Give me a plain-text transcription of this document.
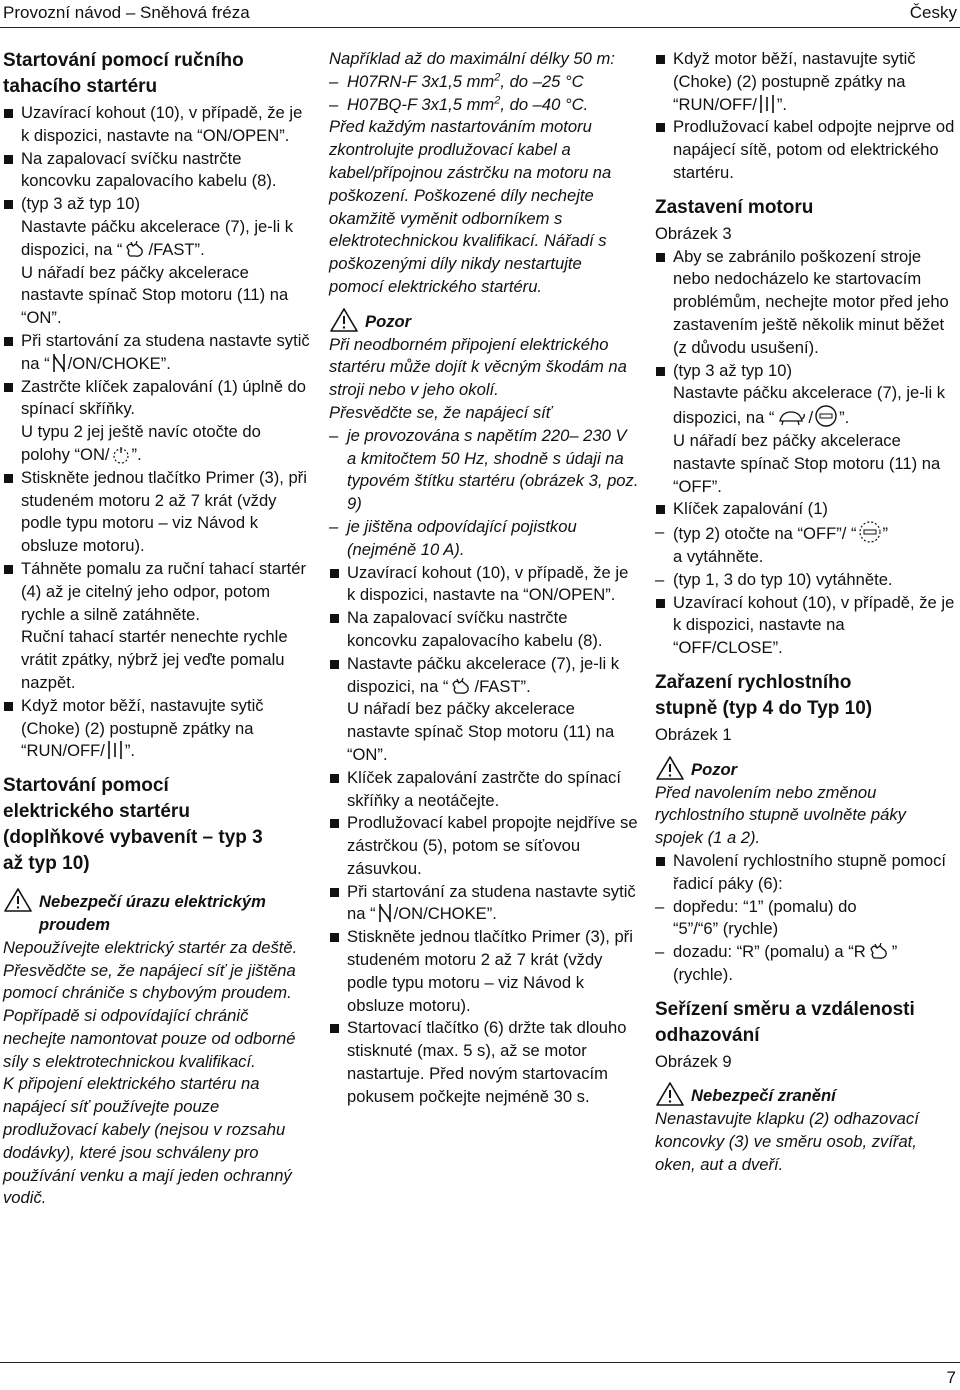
Provozní návod – Sněhová fréza	Česky
Startování pomocí ručního
tahacího startéru

Uzavírací kohout (10), v případě, že je k dispozici, nastavte na “ON/OPEN”.

Na zapalovací svíčku nastrčte koncovku zapalovacího kabelu (8).

(typ 3 až typ 10)

Nastavte páčku akcelerace (7), je-li k dispozici, na “ /FAST”.

U nářadí bez páčky akcelerace nastavte spínač Stop motoru (11) na “ON”.

Při startování za studena nastavte sytič na “ /ON/CHOKE”.

Zastrčte klíček zapalování (1) úplně do spínací skříňky.

U typu 2 jej ještě navíc otočte do polohy “ON/ ”.

Stiskněte jednou tlačítko Primer (3), při studeném motoru 2 až 7 krát (vždy podle typu motoru – viz Návod k obsluze motoru).

Táhněte pomalu za ruční tahací startér (4) až je citelný jeho odpor, potom rychle a silně zatáhněte.

Ruční tahací startér nenechte rychle vrátit zpátky, nýbrž jej veďte pomalu nazpět.

Když motor běží, nastavujte sytič (Choke) (2) postupně zpátky na “RUN/OFF/ ”.

Startování pomocí
elektrického startéru
(doplňkové vybavenít – typ 3
až typ 10)
Nebezpečí úrazu elektrickým proudem

Nepoužívejte elektrický startér za deště.

Přesvědčte se, že napájecí síť je jištěna pomocí chrániče s chybovým proudem. Popřípadě si odpovídající chránič nechejte namontovat pouze od odborné síly s elektrotechnickou kvalifikací.

K připojení elektrického startéru na napájecí síť používejte pouze prodlužovací kabely (nejsou v rozsahu dodávky), které jsou schváleny pro používání venku a mají jeden ochranný vodič.

Například až do maximální délky 50 m:

– H07RN-F 3x1,5 $mm^2$, do –25 °C

– H07BQ-F 3x1,5 $mm^2$, do –40 °C.

Před každým nastartováním motoru zkontrolujte prodlužovací kabel a kabel/přípojnou zástrčku na motoru na poškození. Poškozené díly nechejte okamžitě vyměnit odborníkem s elektrotechnickou kvalifikací. Nářadí s poškozenými díly nikdy nestartujte pomocí elektrického startéru.

Pozor

Při neodborném připojení elektrického startéru může dojít k věcným škodám na stroji nebo v jeho okolí.

Přesvědčte se, že napájecí síť

– je provozována s napětím 220– 230 V a kmitočtem 50 Hz, shodně s údaji na typovém štítku startéru (obrázek 3, poz. 9)

– je jištěna odpovídající pojistkou (nejméně 10 A).

Uzavírací kohout (10), v případě, že je k dispozici, nastavte na “ON/OPEN”.

Na zapalovací svíčku nastrčte koncovku zapalovacího kabelu (8).

Nastavte páčku akcelerace (7), je-li k dispozici, na “ /FAST”.

U nářadí bez páčky akcelerace nastavte spínač Stop motoru (11) na “ON”.

Klíček zapalování zastrčte do spínací skříňky a neotáčejte.

Prodlužovací kabel propojte nejdříve se zástrčkou (5), potom se síťovou zásuvkou.

Při startování za studena nastavte sytič na “ /ON/CHOKE”.

Stiskněte jednou tlačítko Primer (3), při studeném motoru 2 až 7 krát (vždy podle typu motoru – viz Návod k obsluze motoru).

Startovací tlačítko (6) držte tak dlouho stisknuté (max. 5 s), až se motor nastartuje. Před novým startovacím pokusem počkejte nejméně 30 s.

Když motor běží, nastavujte sytič (Choke) (2) postupně zpátky na “RUN/OFF/ ”.

Prodlužovací kabel odpojte nejprve od napájecí sítě, potom od elektrického startéru.

Zastavení motoru

Obrázek 3

Aby se zabránilo poškození stroje nebo nedocházelo ke startovacím problémům, nechejte motor před jeho zastavením ještě několik minut běžet (z důvodu usušení).

(typ 3 až typ 10)

Nastavte páčku akcelerace (7), je-li k dispozici, na “ / ”.

U nářadí bez páčky akcelerace nastavte spínač Stop motoru (11) na “OFF”.

Klíček zapalování (1)

– (typ 2) otočte na “OFF”/ “ ”

a vytáhněte.

– (typ 1, 3 do typ 10) vytáhněte.

Uzavírací kohout (10), v případě, že je k dispozici, nastavte na “OFF/CLOSE”.

Zařazení rychlostního
stupně (typ 4 do Typ 10)

Obrázek 1

Pozor

Před navolením nebo změnou rychlostního stupně uvolněte páky spojek (1 a 2).

Navolení rychlostního stupně pomocí řadicí páky (6):

– dopředu: “1” (pomalu) do

“5”/“6” (rychle)

– dozadu: “R” (pomalu) a “R ”

(rychle).

Seřízení směru a vzdálenosti
odhazování

Obrázek 9

Nebezpečí zranění

Nenastavujte klapku (2) odhazovací koncovky (3) ve směru osob, zvířat, oken, aut a dveří.

7
